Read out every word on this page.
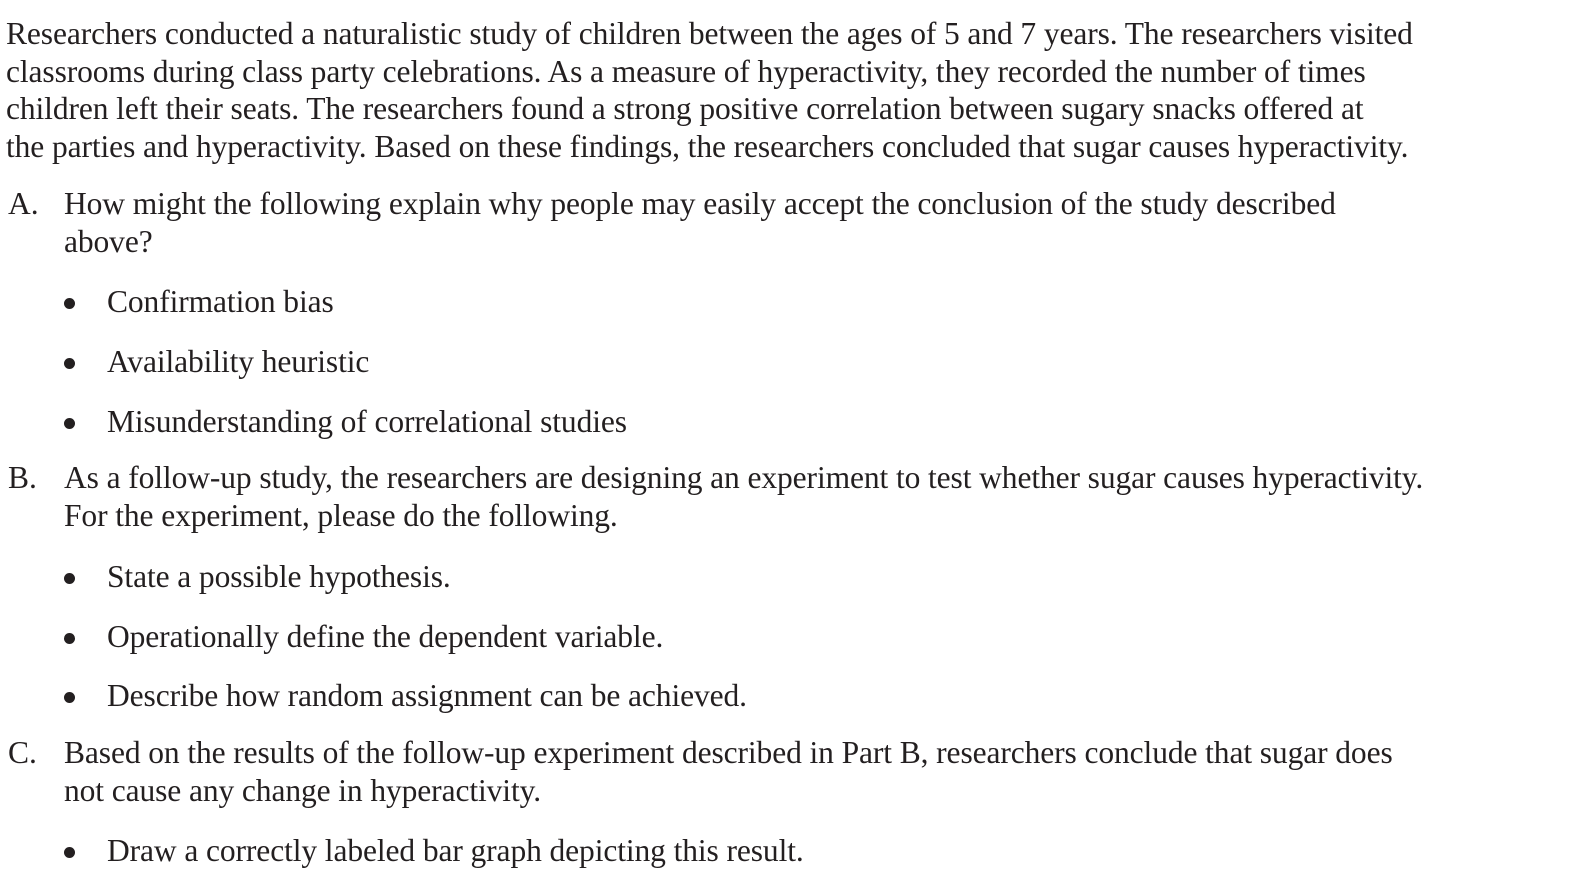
Researchers conducted a naturalistic study of children between the ages of 5 and 7 years. The researchers visited
classrooms during class party celebrations. As a measure of hyperactivity, they recorded the number of times
children left their seats. The researchers found a strong positive correlation between sugary snacks offered at
the parties and hyperactivity. Based on these findings, the researchers concluded that sugar causes hyperactivity.
A. How might the following explain why people may easily accept the conclusion of the study described
above?
Confirmation bias
Availability heuristic
Misunderstanding of correlational studies
B. As a follow-up study, the researchers are designing an experiment to test whether sugar causes hyperactivity.
For the experiment, please do the following.
State a possible hypothesis.
Operationally define the dependent variable.
Describe how random assignment can be achieved.
C. Based on the results of the follow-up experiment described in Part B, researchers conclude that sugar does
not cause any change in hyperactivity.
Draw a correctly labeled bar graph depicting this result.
